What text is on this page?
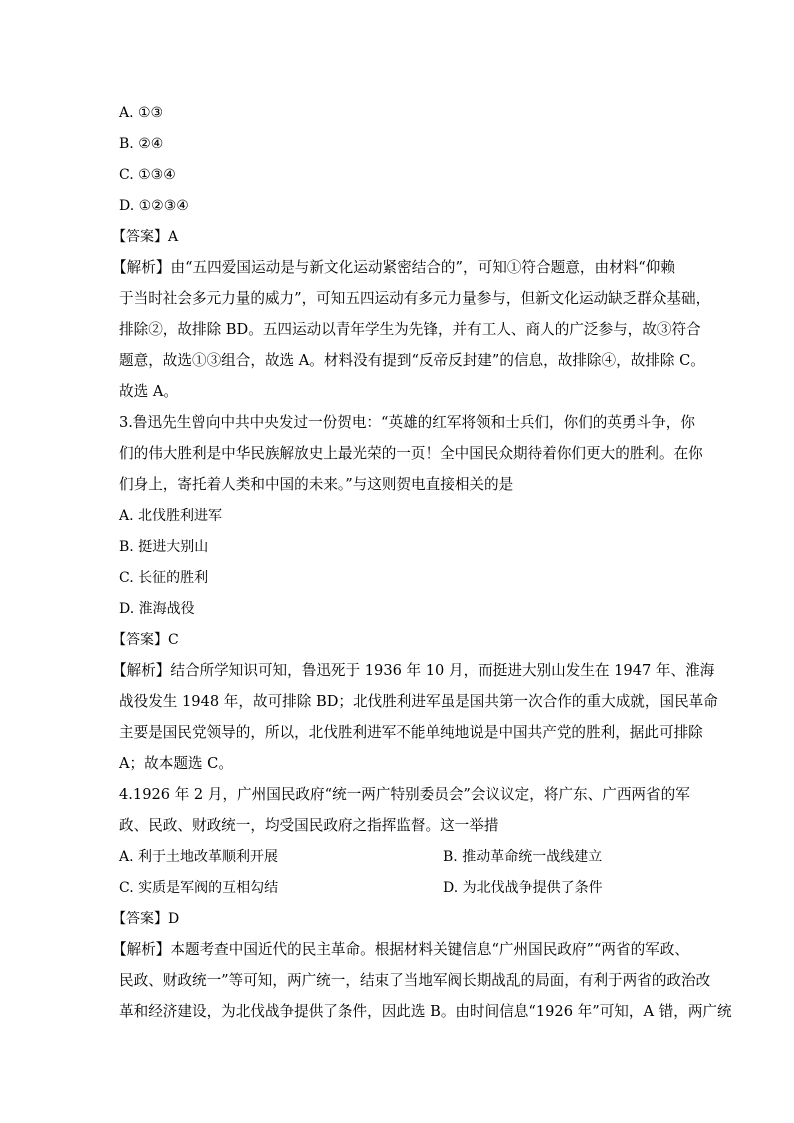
A. ①③
B. ②④
C. ①③④
D. ①②③④
【答案】A
【解析】由“五四爱国运动是与新文化运动紧密结合的”，可知①符合题意，由材料“仰赖
于当时社会多元力量的威力”，可知五四运动有多元力量参与，但新文化运动缺乏群众基础，
排除②，故排除 BD。五四运动以青年学生为先锋，并有工人、商人的广泛参与，故③符合
题意，故选①③组合，故选 A。材料没有提到“反帝反封建”的信息，故排除④，故排除 C。
故选 A。
3.鲁迅先生曾向中共中央发过一份贺电：“英雄的红军将领和士兵们，你们的英勇斗争，你
们的伟大胜利是中华民族解放史上最光荣的一页！全中国民众期待着你们更大的胜利。在你
们身上，寄托着人类和中国的未来。”与这则贺电直接相关的是
A. 北伐胜利进军
B. 挺进大别山
C. 长征的胜利
D. 淮海战役
【答案】C
【解析】结合所学知识可知，鲁迅死于 1936 年 10 月，而挺进大别山发生在 1947 年、淮海
战役发生 1948 年，故可排除 BD；北伐胜利进军虽是国共第一次合作的重大成就，国民革命
主要是国民党领导的，所以，北伐胜利进军不能单纯地说是中国共产党的胜利，据此可排除
A；故本题选 C。
4.1926 年 2 月，广州国民政府“统一两广特别委员会”会议议定，将广东、广西两省的军
政、民政、财政统一，均受国民政府之指挥监督。这一举措
A. 利于土地改革顺利开展	B. 推动革命统一战线建立
C. 实质是军阀的互相勾结	D. 为北伐战争提供了条件
【答案】D
【解析】本题考查中国近代的民主革命。根据材料关键信息“广州国民政府”“两省的军政、
民政、财政统一”等可知，两广统一，结束了当地军阀长期战乱的局面，有利于两省的政治改
革和经济建设，为北伐战争提供了条件，因此选 B。由时间信息“1926 年”可知，A 错，两广统
